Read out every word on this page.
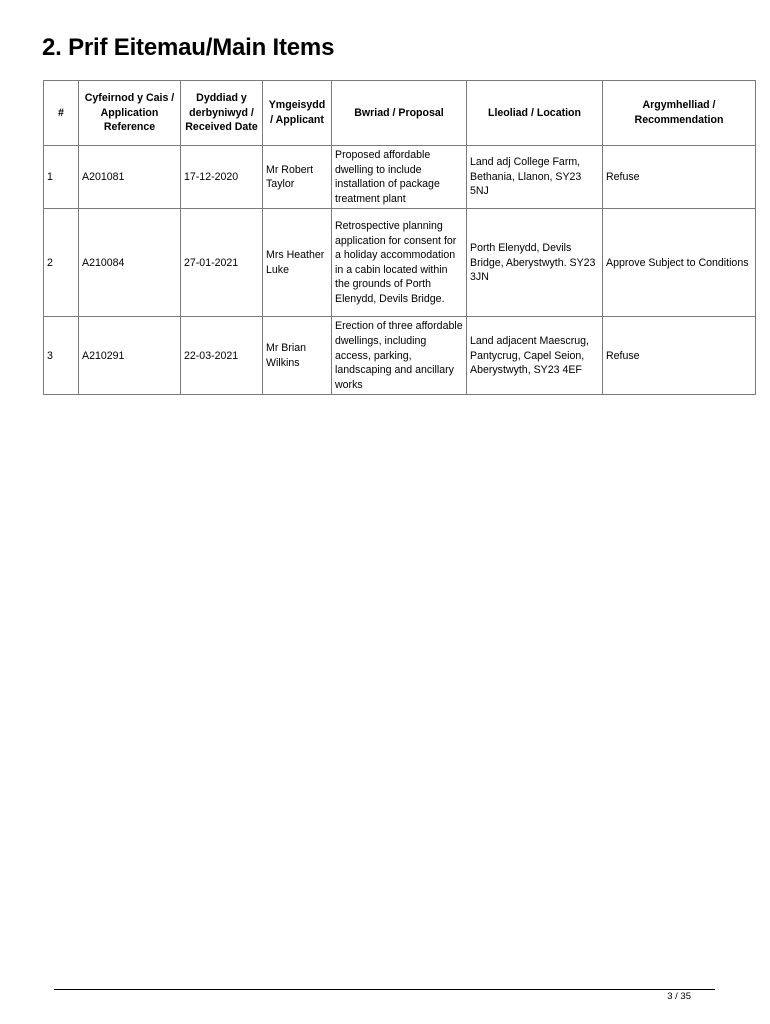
2. Prif Eitemau/Main Items
#	Cyfeirnod y Cais / Application Reference	Dyddiad y derbyniwyd / Received Date	Ymgeisydd / Applicant	Bwriad / Proposal	Lleoliad / Location	Argymhelliad / Recommendation
1	A201081	17-12-2020	Mr Robert Taylor	Proposed affordable dwelling to include installation of package treatment plant	Land adj College Farm, Bethania, Llanon, SY23 5NJ	Refuse
2	A210084	27-01-2021	Mrs Heather Luke	Retrospective planning application for consent for a holiday accommodation in a cabin located within the grounds of Porth Elenydd, Devils Bridge.	Porth Elenydd, Devils Bridge, Aberystwyth. SY23 3JN	Approve Subject to Conditions
3	A210291	22-03-2021	Mr Brian Wilkins	Erection of three affordable dwellings, including access, parking, landscaping and ancillary works	Land adjacent Maescrug, Pantycrug, Capel Seion, Aberystwyth, SY23 4EF	Refuse
3 / 35
